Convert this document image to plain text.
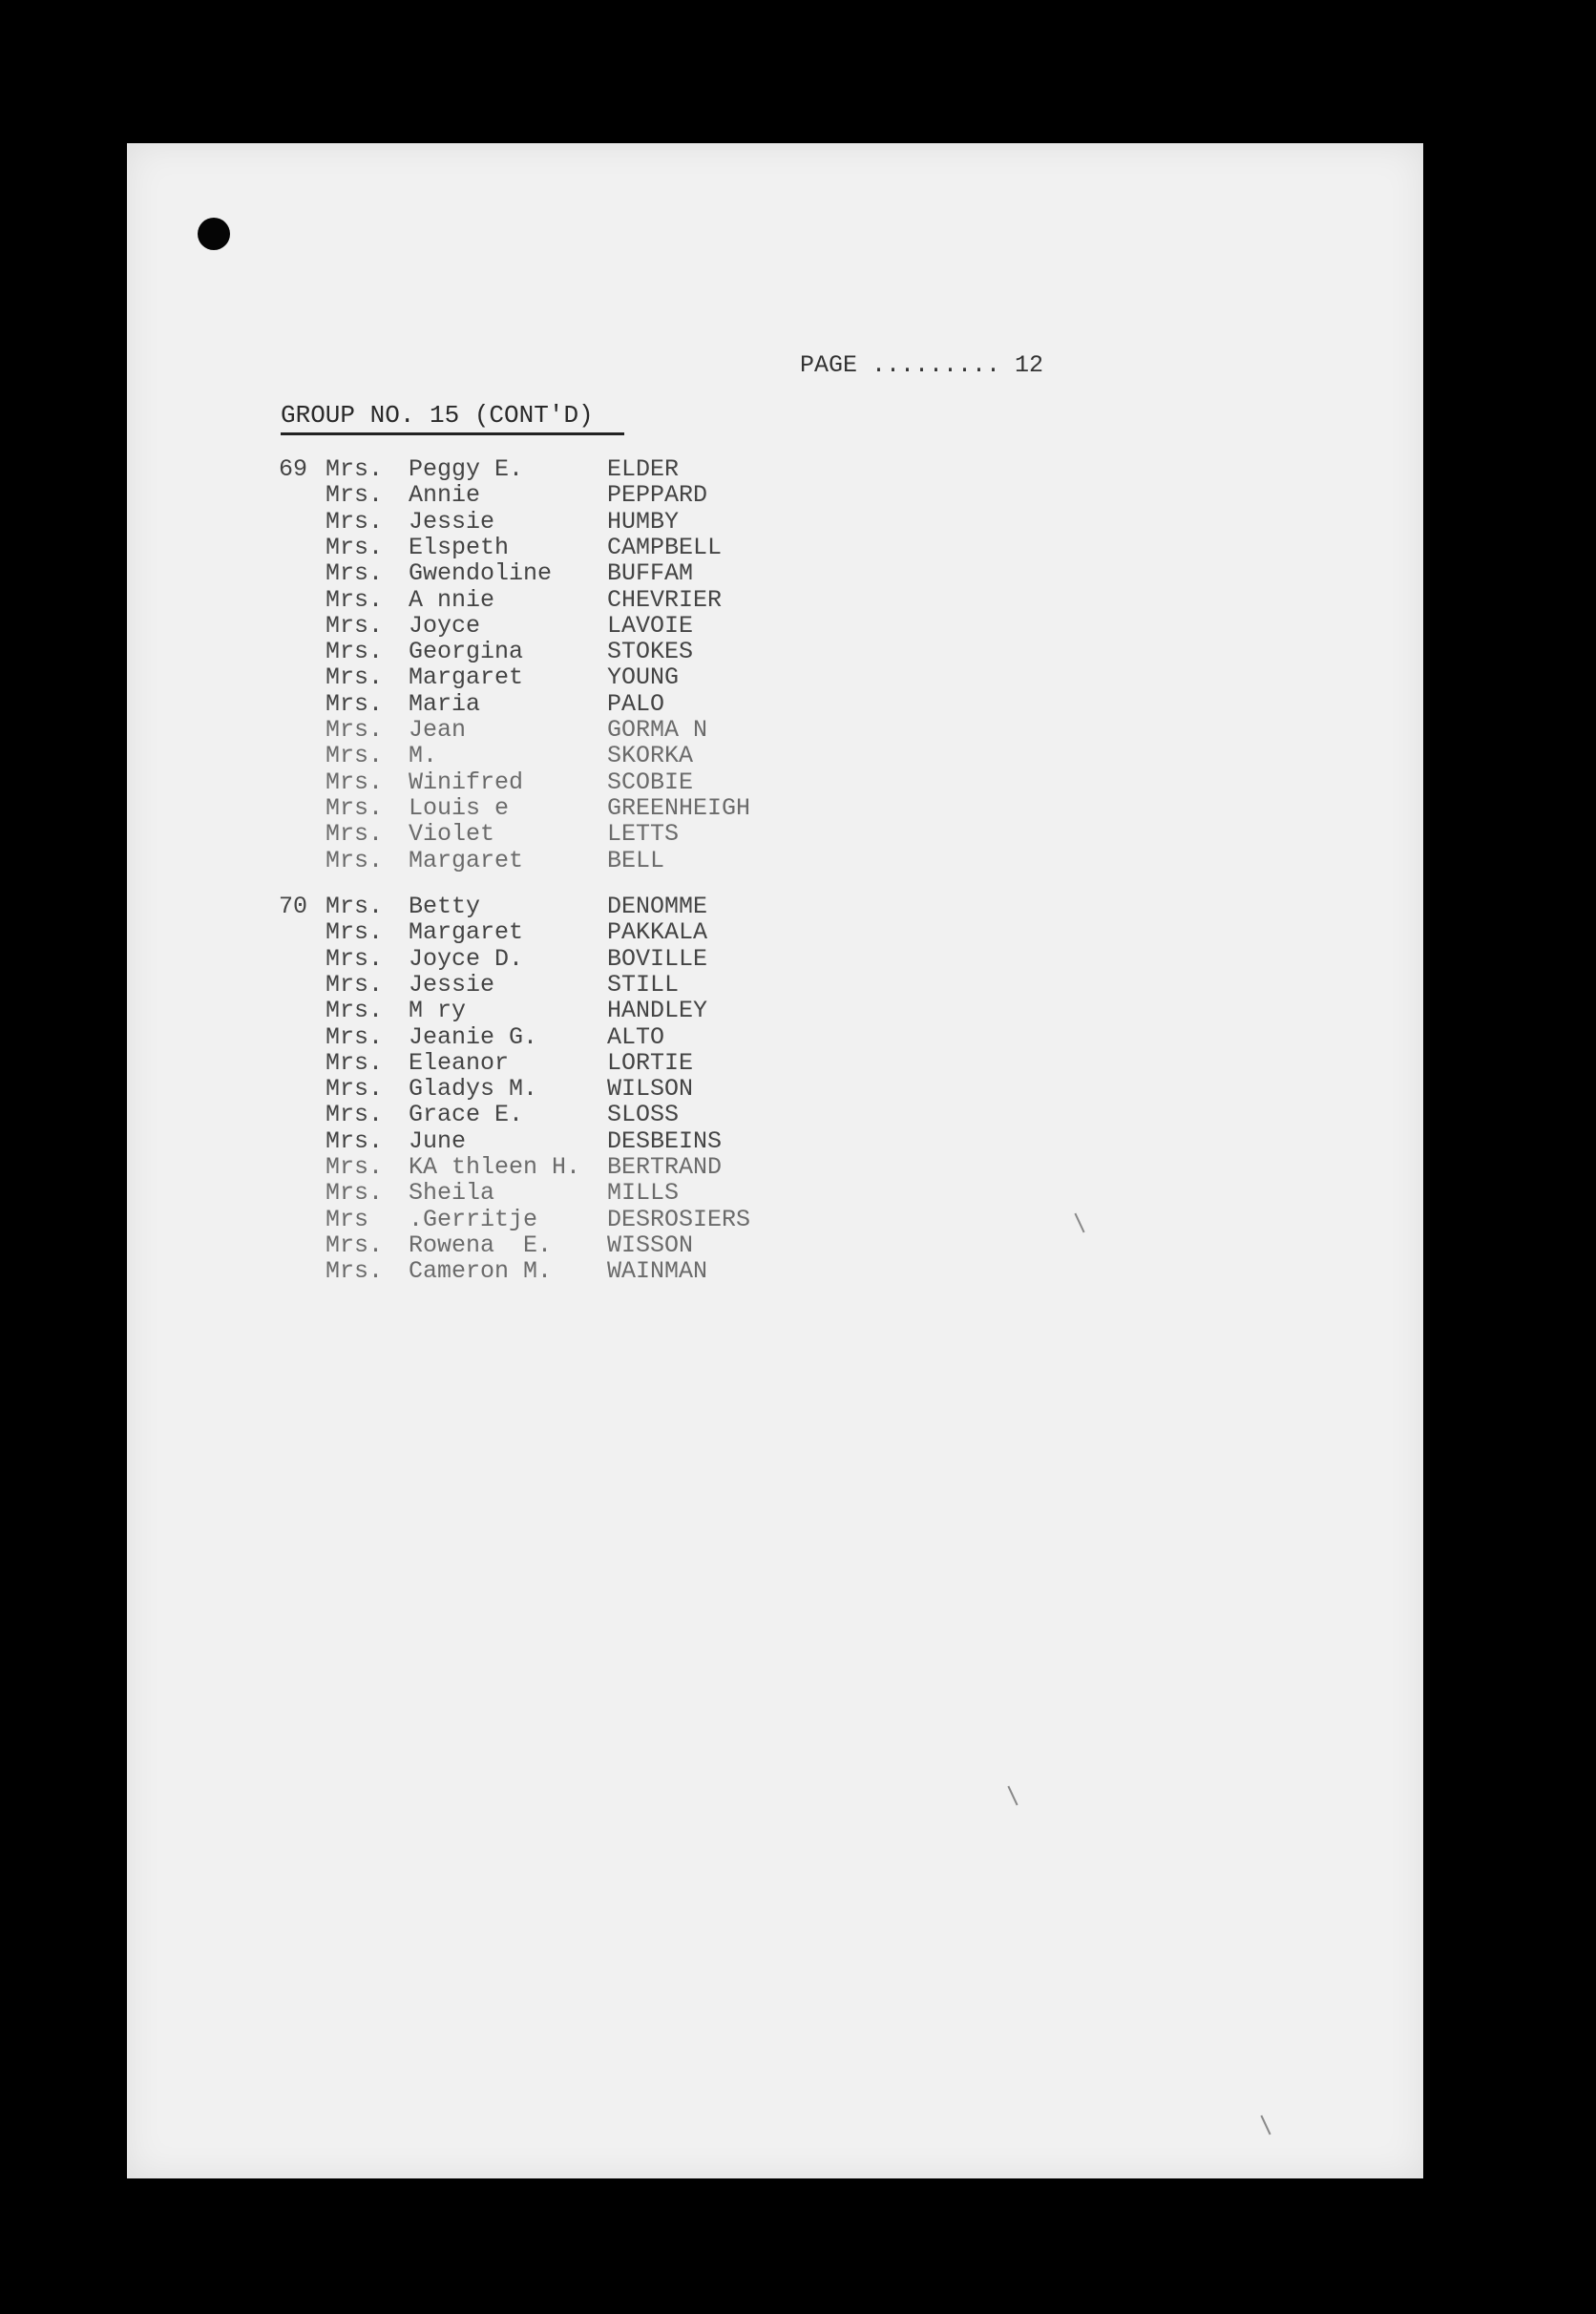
PAGE ......... 12
GROUP NO. 15 (CONT'D)
69 Mrs. Peggy E.	ELDER
Mrs. Annie	PEPPARD
Mrs. Jessie	HUMBY
Mrs. Elspeth	CAMPBELL
Mrs. Gwendoline BUFFAM
Mrs. A nnie	CHEVRIER
Mrs. Joyce	LAVOIE
Mrs. Georgina	STOKES
Mrs. Margaret	YOUNG
Mrs. Maria	PALO
Mrs. Jean	GORMA N
Mrs. M.	SKORKA
Mrs. Winifred	SCOBIE
Mrs. Louis e	GREENHEIGH
Mrs. Violet	LETTS
Mrs. Margaret	BELL
70 Mrs. Betty	DENOMME
Mrs. Margaret	PAKKALA
Mrs. Joyce D.	BOVILLE
Mrs. Jessie	STILL
Mrs. M ry	HANDLEY
Mrs. Jeanie G.	ALTO
Mrs. Eleanor	LORTIE
Mrs. Gladys M.	WILSON
Mrs. Grace E.	SLOSS
Mrs. June	DESBEINS
Mrs. KA thleen H. BERTRAND
Mrs. Sheila	MILLS
Mrs .Gerritje	DESROSIERS
Mrs. Rowena  E. WISSON
Mrs. Cameron M. WAINMAN
